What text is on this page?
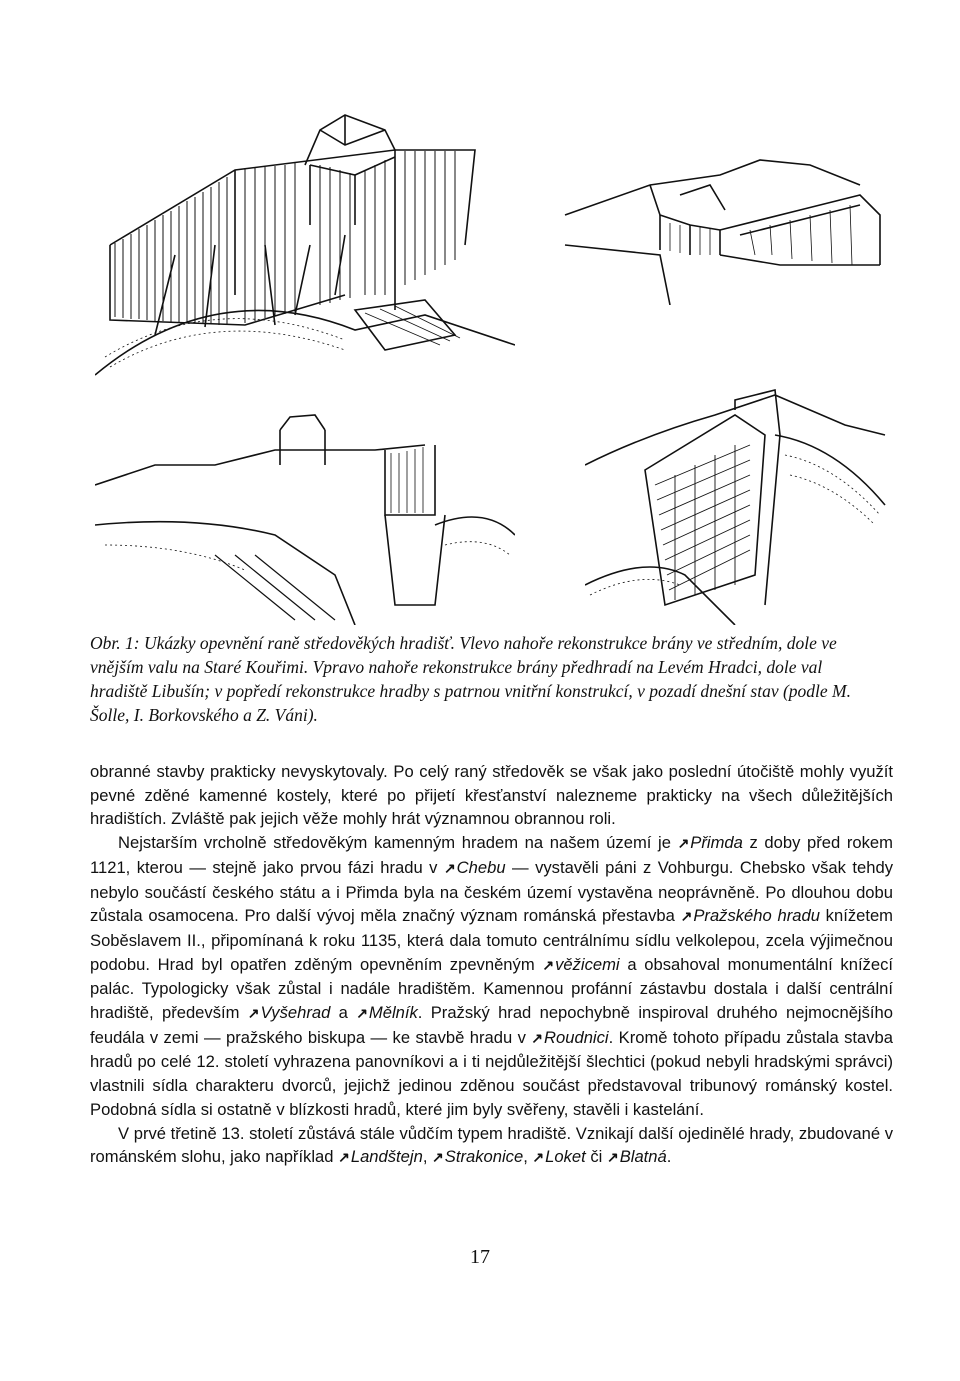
Obr. 1: Ukázky opevnění raně středověkých hradišť. Vlevo nahoře rekonstrukce brány ve středním, dole ve vnějším valu na Staré Kouřimi. Vpravo nahoře rekonstrukce brány předhradí na Levém Hradci, dole val hradiště Libušín; v popředí rekonstrukce hradby s patrnou vnitřní konstrukcí, v pozadí dnešní stav (podle M. Šolle, I. Borkovského a Z. Váni).

obranné stavby prakticky nevyskytovaly. Po celý raný středověk se však jako poslední útočiště mohly využít pevné zděné kamenné kostely, které po přijetí křesťanství nalezneme prakticky na všech důležitějších hradištích. Zvláště pak jejich věže mohly hrát významnou obrannou roli.

Nejstarším vrcholně středověkým kamenným hradem na našem území je ↗Přimda z doby před rokem 1121, kterou — stejně jako prvou fázi hradu v ↗Chebu — vystavěli páni z Vohburgu. Chebsko však tehdy nebylo součástí českého státu a i Přimda byla na českém území vystavěna neoprávněně. Po dlouhou dobu zůstala osamocena. Pro další vývoj měla značný význam románská přestavba ↗Pražského hradu knížetem Soběslavem II., připomínaná k roku 1135, která dala tomuto centrálnímu sídlu velkolepou, zcela výjimečnou podobu. Hrad byl opatřen zděným opevněním zpevněným ↗věžicemi a obsahoval monumentální knížecí palác. Typologicky však zůstal i nadále hradištěm. Kamennou profánní zástavbu dostala i další centrální hradiště, především ↗Vyšehrad a ↗Mělník. Pražský hrad nepochybně inspiroval druhého nejmocnějšího feudála v zemi — pražského biskupa — ke stavbě hradu v ↗Roudnici. Kromě tohoto případu zůstala stavba hradů po celé 12. století vyhrazena panovníkovi a i ti nejdůležitější šlechtici (pokud nebyli hradskými správci) vlastnili sídla charakteru dvorců, jejichž jedinou zděnou součást představoval tribunový románský kostel. Podobná sídla si ostatně v blízkosti hradů, které jim byly svěřeny, stavěli i kastelání.

V prvé třetině 13. století zůstává stále vůdčím typem hradiště. Vznikají další ojedinělé hrady, zbudované v románském slohu, jako například ↗Landštejn, ↗Strakonice, ↗Loket či ↗Blatná.

17
